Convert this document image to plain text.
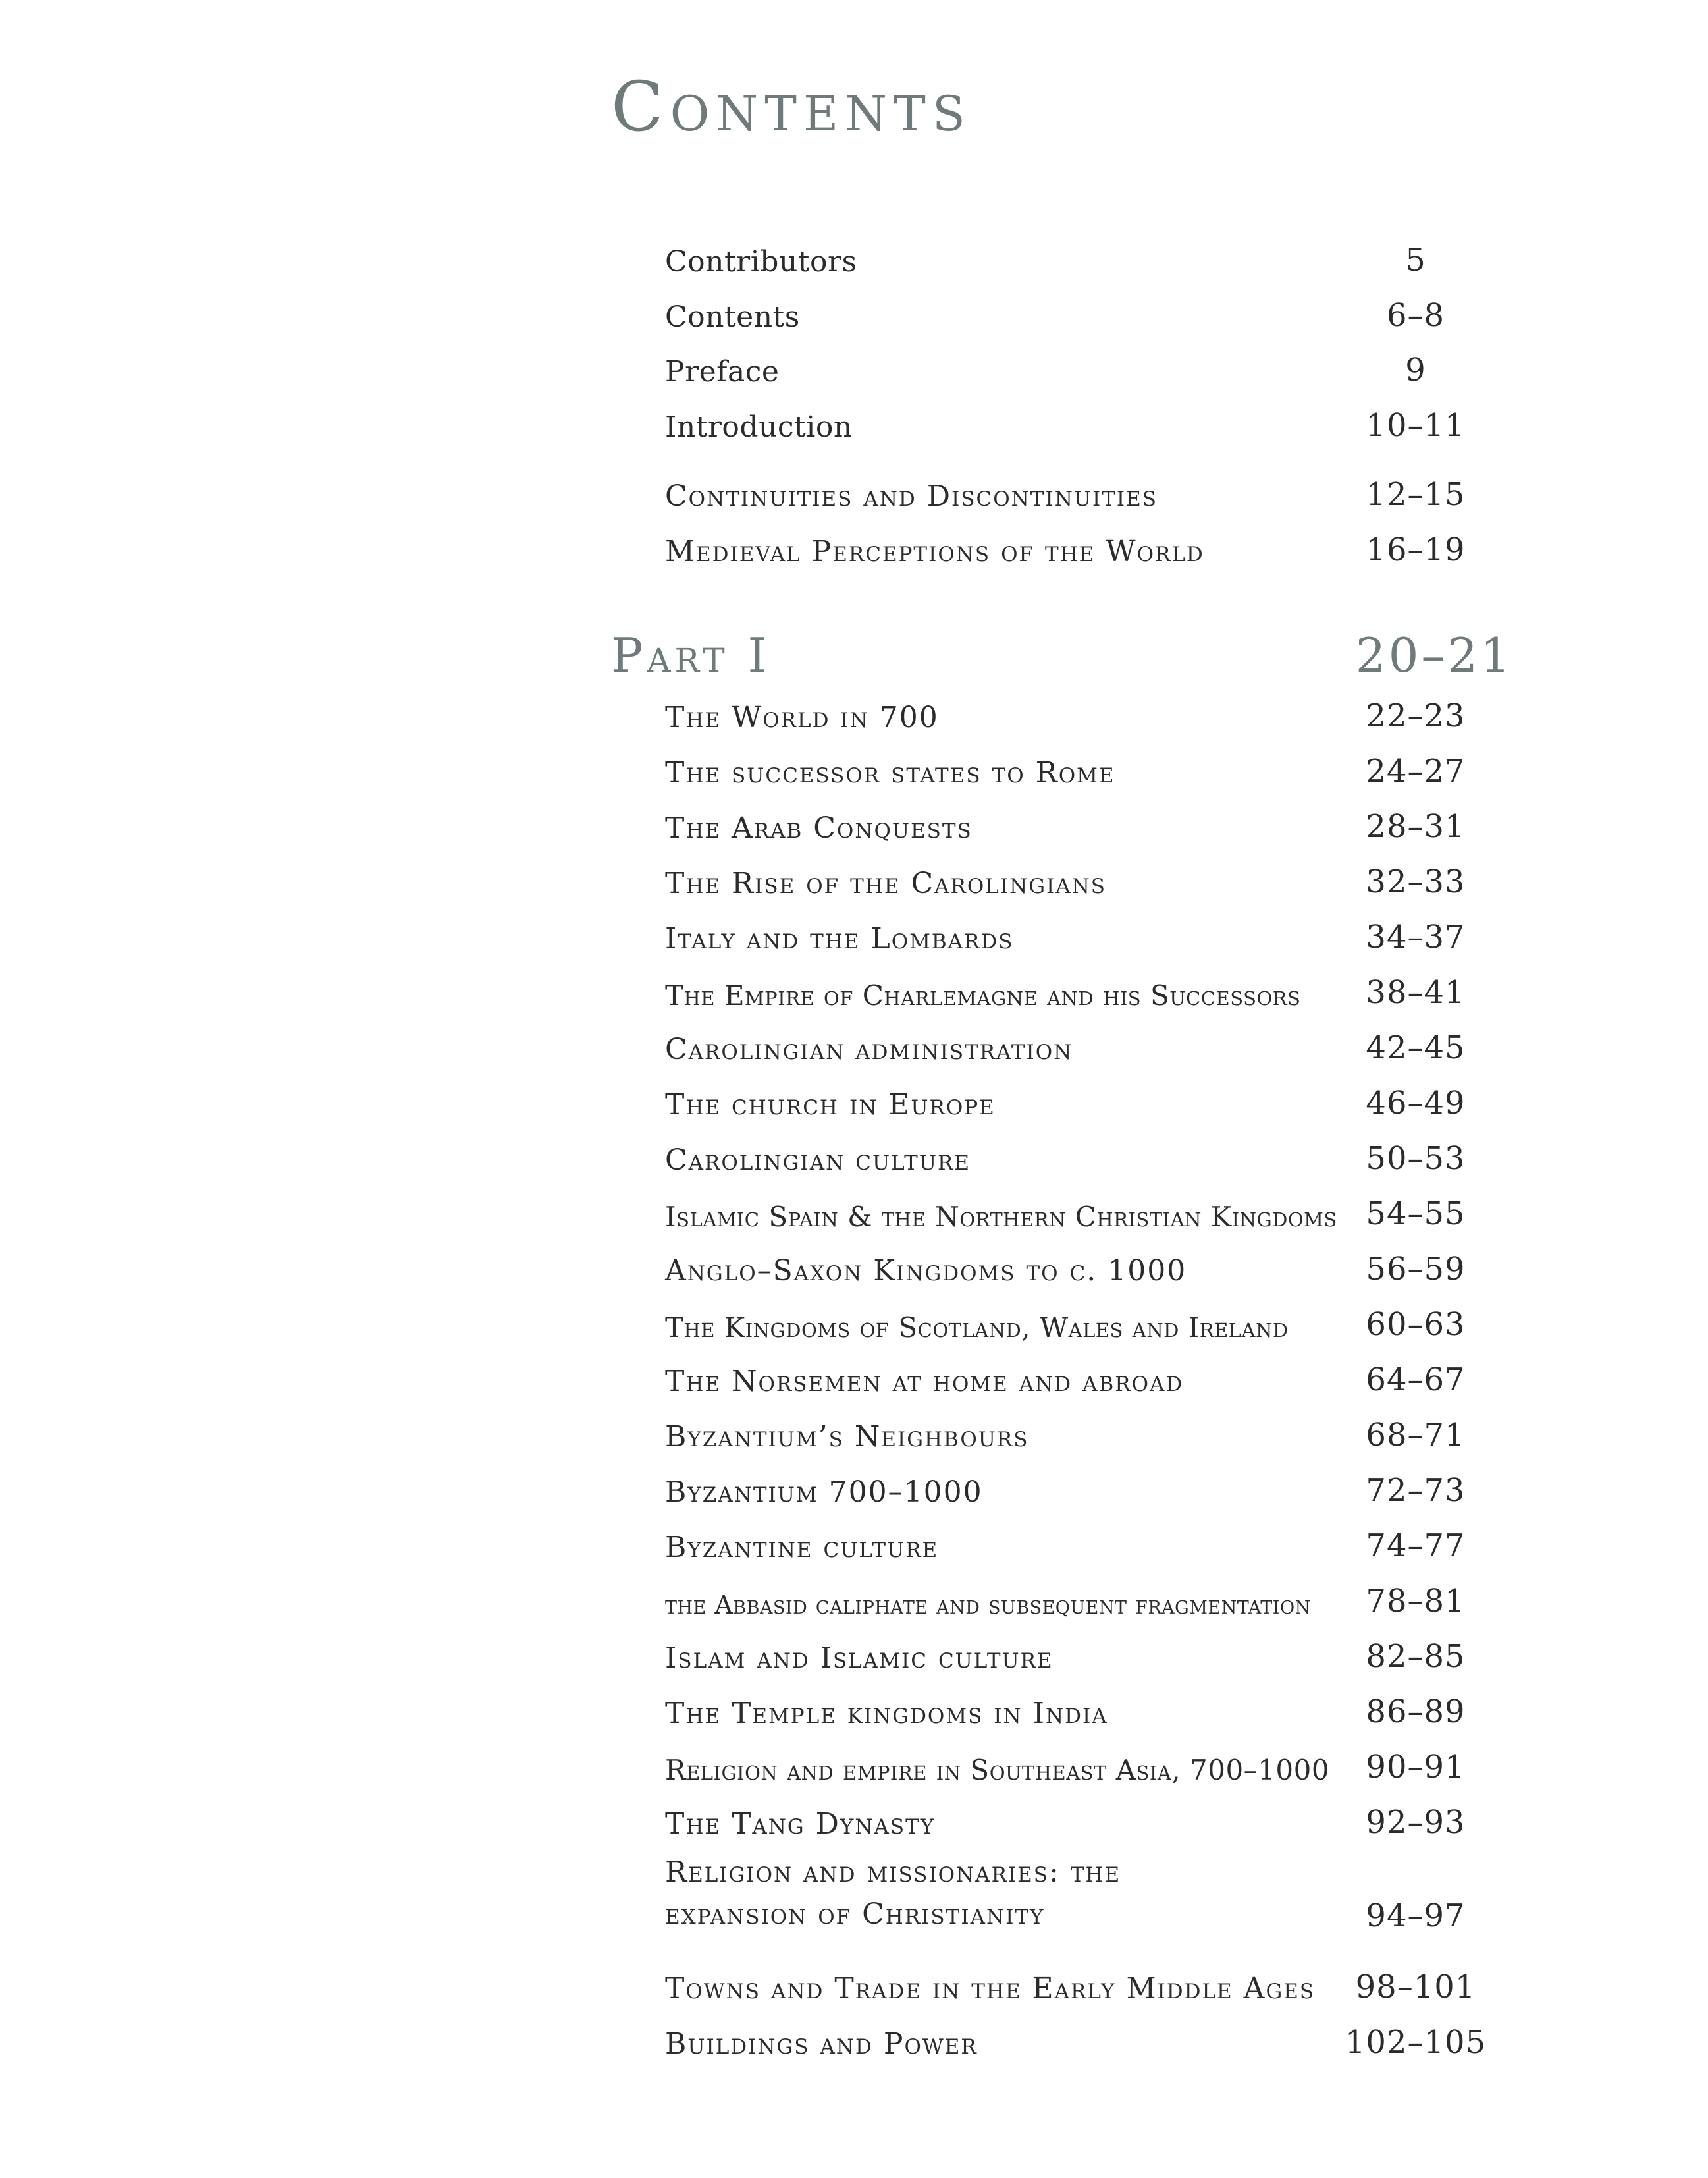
Contents
Contributors	5
Contents	6–8
Preface	9
Introduction	10–11
Continuities and Discontinuities	12–15
Medieval Perceptions of the World	16–19
Part I	20–21
The World in 700	22–23
The successor states to Rome	24–27
The Arab Conquests	28–31
The Rise of the Carolingians	32–33
Italy and the Lombards	34–37
The Empire of Charlemagne and his Successors	38–41
Carolingian administration	42–45
The church in Europe	46–49
Carolingian culture	50–53
Islamic Spain & the Northern Christian Kingdoms 54–55
Anglo–Saxon Kingdoms to c. 1000	56–59
The Kingdoms of Scotland, Wales and Ireland	60–63
The Norsemen at home and abroad	64–67
Byzantium’s Neighbours	68–71
Byzantium 700–1000	72–73
Byzantine culture	74–77
the Abbasid caliphate and subsequent fragmentation	78–81
Islam and Islamic culture	82–85
The Temple kingdoms in India	86–89
Religion and empire in Southeast Asia, 700–1000	90–91
The Tang Dynasty	92–93
Religion and missionaries: the expansion of Christianity	94–97
Towns and Trade in the Early Middle Ages	98–101
Buildings and Power	102–105
